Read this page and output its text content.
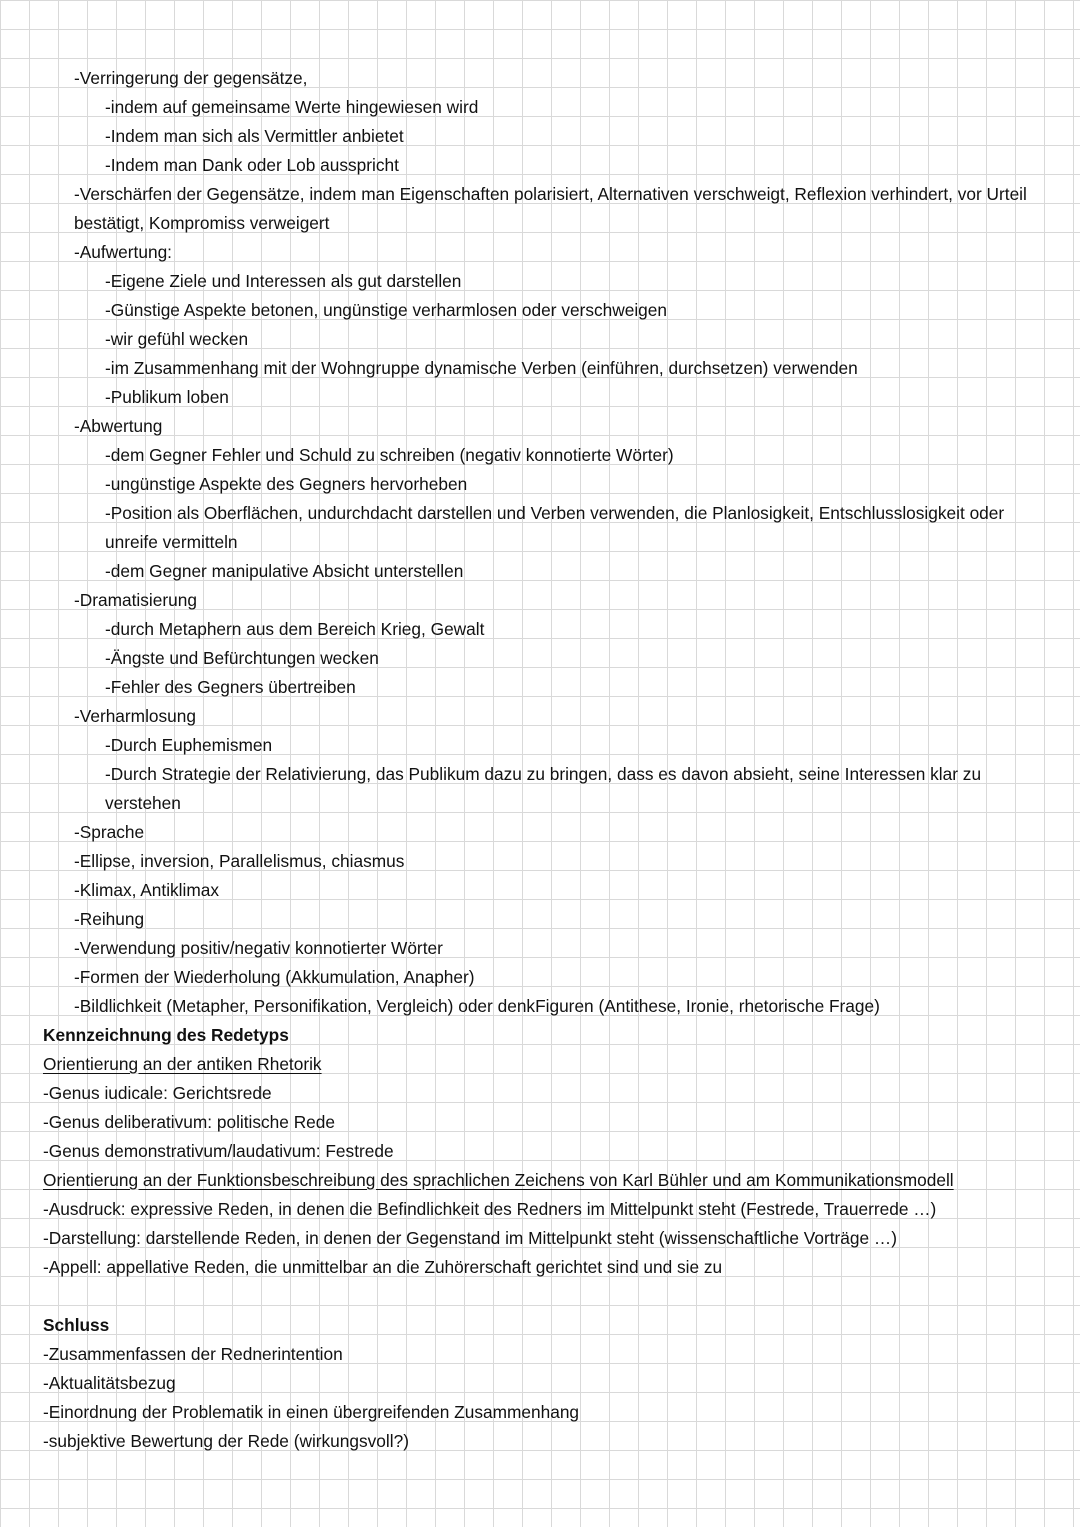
-Verringerung der gegensätze,
-indem auf gemeinsame Werte hingewiesen wird
-Indem man sich als Vermittler anbietet
-Indem man Dank oder Lob ausspricht
-Verschärfen der Gegensätze, indem man Eigenschaften polarisiert, Alternativen verschweigt, Reflexion verhindert, vor Urteil bestätigt, Kompromiss verweigert
-Aufwertung:
-Eigene Ziele und Interessen als gut darstellen
-Günstige Aspekte betonen, ungünstige verharmlosen oder verschweigen
-wir gefühl wecken
-im Zusammenhang mit der Wohngruppe dynamische Verben (einführen, durchsetzen) verwenden
-Publikum loben
-Abwertung
-dem Gegner Fehler und Schuld zu schreiben (negativ konnotierte Wörter)
-ungünstige Aspekte des Gegners hervorheben
-Position als Oberflächen, undurchdacht darstellen und Verben verwenden, die Planlosigkeit, Entschlusslosigkeit oder unreife vermitteln
-dem Gegner manipulative Absicht unterstellen
-Dramatisierung
-durch Metaphern aus dem Bereich Krieg, Gewalt
-Ängste und Befürchtungen wecken
-Fehler des Gegners übertreiben
-Verharmlosung
-Durch Euphemismen
-Durch Strategie der Relativierung, das Publikum dazu zu bringen, dass es davon absieht, seine Interessen klar zu verstehen
-Sprache
-Ellipse, inversion, Parallelismus, chiasmus
-Klimax, Antiklimax
-Reihung
-Verwendung positiv/negativ konnotierter Wörter
-Formen der Wiederholung (Akkumulation, Anapher)
-Bildlichkeit (Metapher, Personifikation, Vergleich) oder denkFiguren (Antithese, Ironie, rhetorische Frage)
Kennzeichnung des Redetyps
Orientierung an der antiken Rhetorik
-Genus iudicale: Gerichtsrede
-Genus deliberativum: politische Rede
-Genus demonstrativum/laudativum: Festrede
Orientierung an der Funktionsbeschreibung des sprachlichen Zeichens von Karl Bühler und am Kommunikationsmodell
-Ausdruck: expressive Reden, in denen die Befindlichkeit des Redners im Mittelpunkt steht (Festrede, Trauerrede …)
-Darstellung: darstellende Reden, in denen der Gegenstand im Mittelpunkt steht (wissenschaftliche Vorträge …)
-Appell: appellative Reden, die unmittelbar an die Zuhörerschaft gerichtet sind und sie zu
Schluss
-Zusammenfassen der Rednerintention
-Aktualitätsbezug
-Einordnung der Problematik in einen übergreifenden Zusammenhang
-subjektive Bewertung der Rede (wirkungsvoll?)
